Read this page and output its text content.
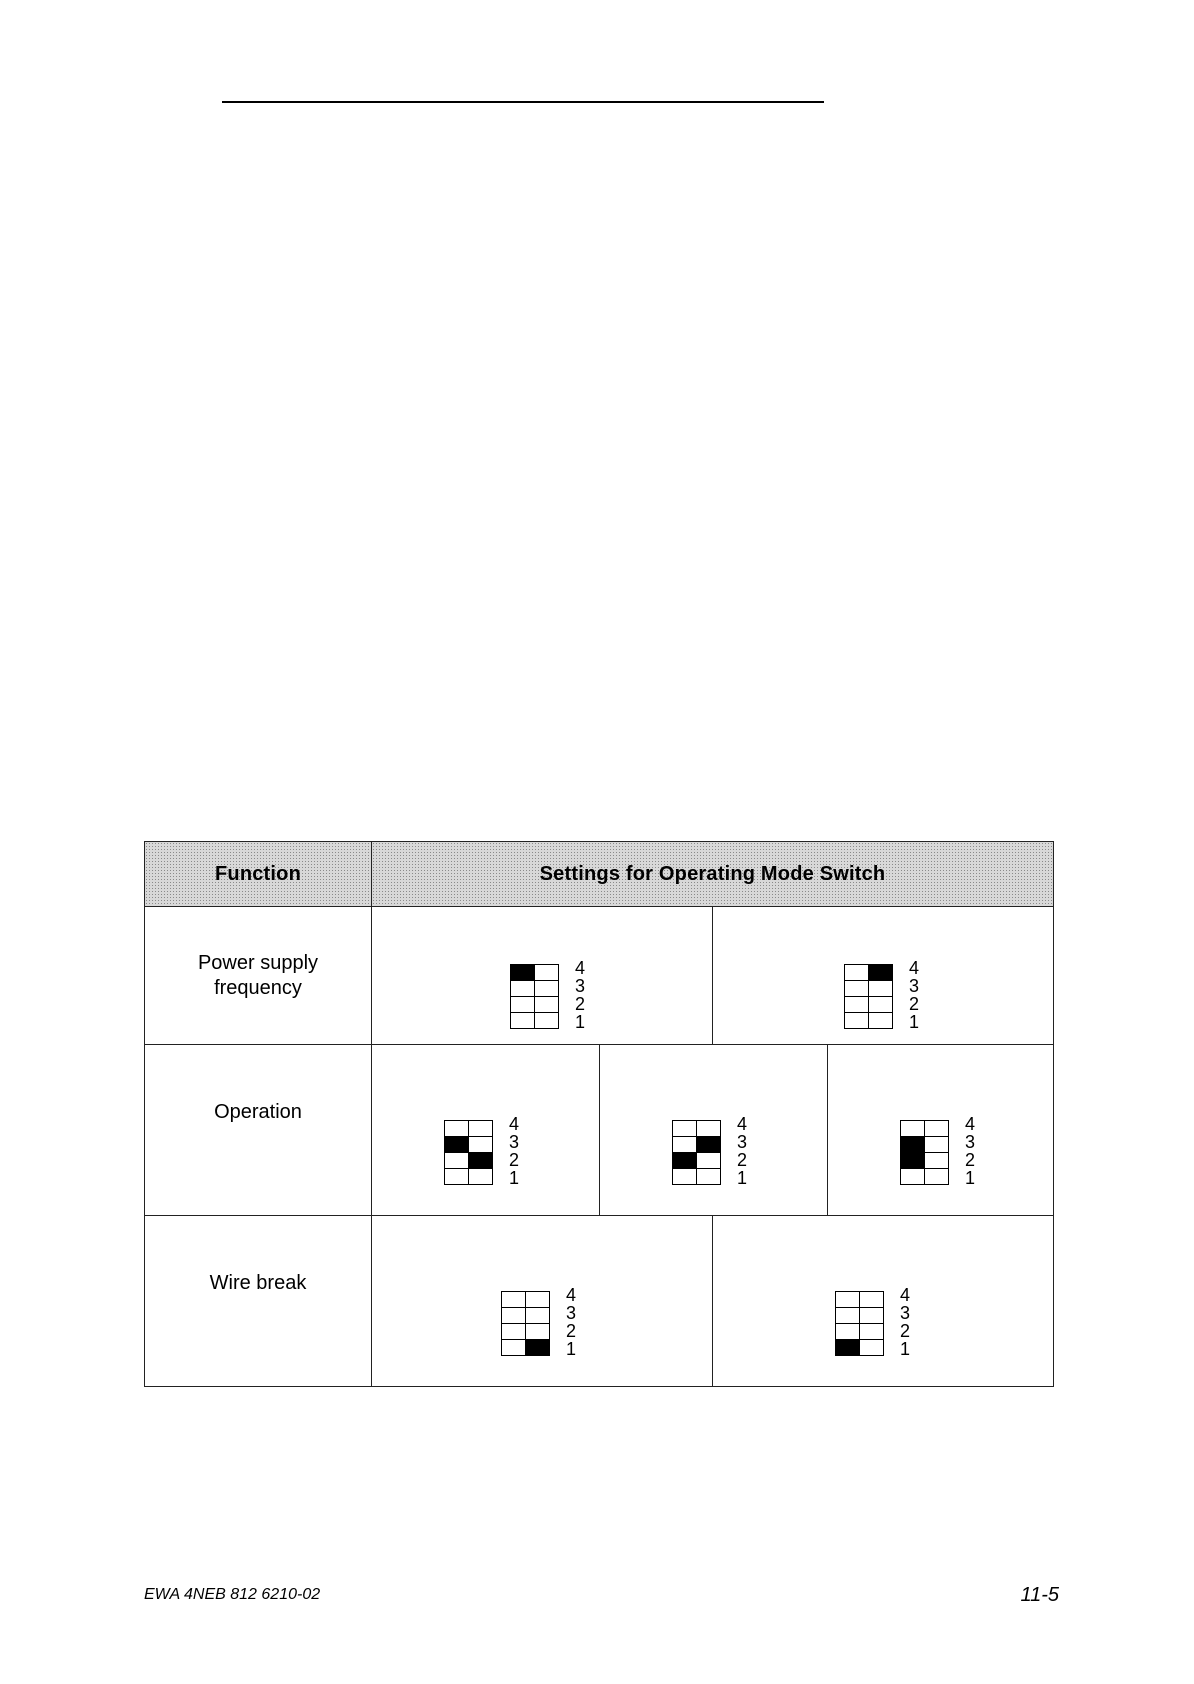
Function	Settings for Operating Mode Switch
Power supply
frequency
Operation
Wire break
4
3
2
1
4
3
2
1
4
3
2
1
4
3
2
1
4
3
2
1
4
3
2
1
4
3
2
1
EWA 4NEB 812 6210-02	11-5
